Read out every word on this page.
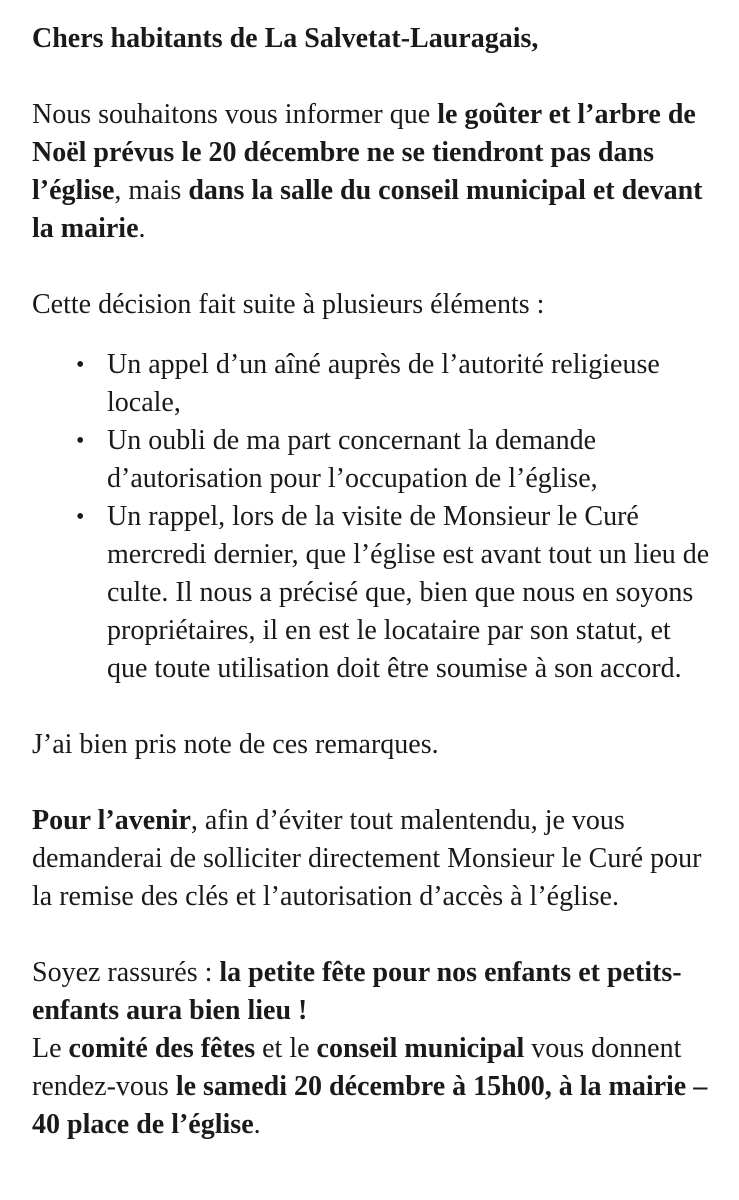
Chers habitants de La Salvetat-Lauragais,

Nous souhaitons vous informer que le goûter et l’arbre de Noël prévus le 20 décembre ne se tiendront pas dans l’église, mais dans la salle du conseil municipal et devant la mairie.

Cette décision fait suite à plusieurs éléments :

• Un appel d’un aîné auprès de l’autorité religieuse locale,
• Un oubli de ma part concernant la demande d’autorisation pour l’occupation de l’église,
• Un rappel, lors de la visite de Monsieur le Curé mercredi dernier, que l’église est avant tout un lieu de culte. Il nous a précisé que, bien que nous en soyons propriétaires, il en est le locataire par son statut, et que toute utilisation doit être soumise à son accord.

J’ai bien pris note de ces remarques.

Pour l’avenir, afin d’éviter tout malentendu, je vous demanderai de solliciter directement Monsieur le Curé pour la remise des clés et l’autorisation d’accès à l’église.

Soyez rassurés : la petite fête pour nos enfants et petits-enfants aura bien lieu !
Le comité des fêtes et le conseil municipal vous donnent rendez-vous le samedi 20 décembre à 15h00, à la mairie – 40 place de l’église.
